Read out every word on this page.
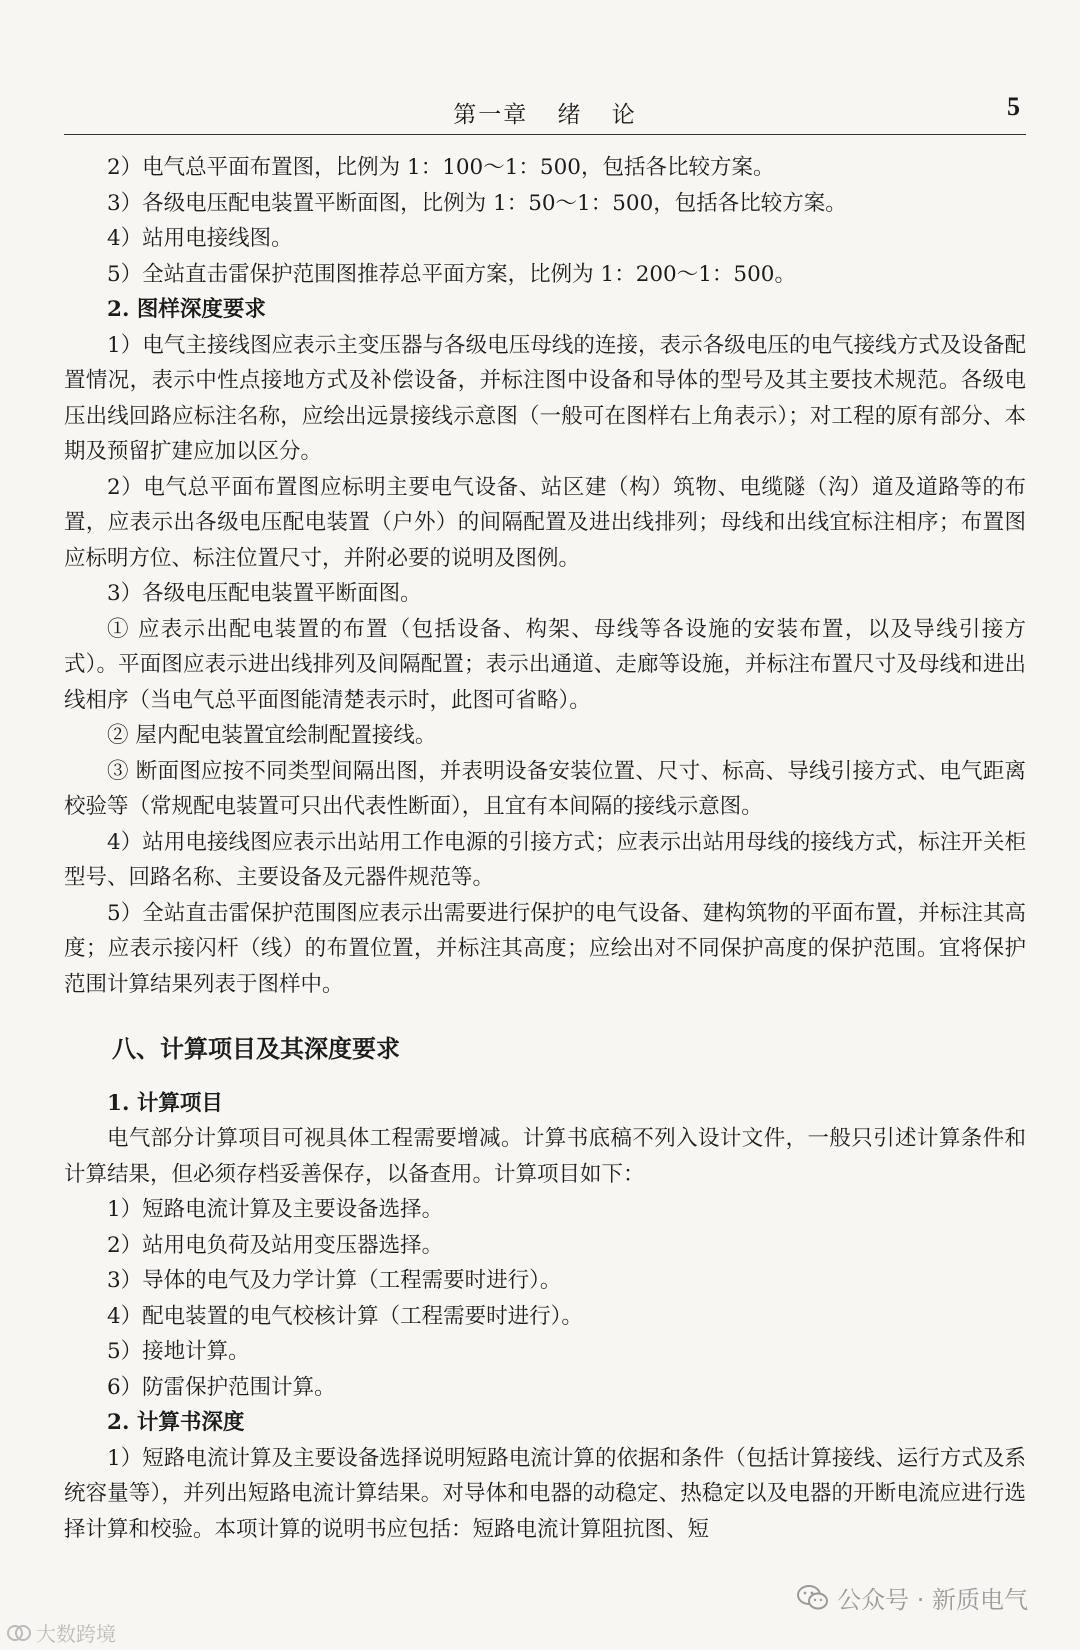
第一章 绪 论	5

2）电气总平面布置图，比例为 1：100～1：500，包括各比较方案。

3）各级电压配电装置平断面图，比例为 1：50～1：500，包括各比较方案。

4）站用电接线图。

5）全站直击雷保护范围图推荐总平面方案，比例为 1：200～1：500。

2. 图样深度要求

1）电气主接线图应表示主变压器与各级电压母线的连接，表示各级电压的电气接线方式及设备配置情况，表示中性点接地方式及补偿设备，并标注图中设备和导体的型号及其主要技术规范。各级电压出线回路应标注名称，应绘出远景接线示意图（一般可在图样右上角表示）；对工程的原有部分、本期及预留扩建应加以区分。

2）电气总平面布置图应标明主要电气设备、站区建（构）筑物、电缆隧（沟）道及道路等的布置，应表示出各级电压配电装置（户外）的间隔配置及进出线排列；母线和出线宜标注相序；布置图应标明方位、标注位置尺寸，并附必要的说明及图例。

3）各级电压配电装置平断面图。

① 应表示出配电装置的布置（包括设备、构架、母线等各设施的安装布置，以及导线引接方式）。平面图应表示进出线排列及间隔配置；表示出通道、走廊等设施，并标注布置尺寸及母线和进出线相序（当电气总平面图能清楚表示时，此图可省略）。

② 屋内配电装置宜绘制配置接线。

③ 断面图应按不同类型间隔出图，并表明设备安装位置、尺寸、标高、导线引接方式、电气距离校验等（常规配电装置可只出代表性断面），且宜有本间隔的接线示意图。

4）站用电接线图应表示出站用工作电源的引接方式；应表示出站用母线的接线方式，标注开关柜型号、回路名称、主要设备及元器件规范等。

5）全站直击雷保护范围图应表示出需要进行保护的电气设备、建构筑物的平面布置，并标注其高度；应表示接闪杆（线）的布置位置，并标注其高度；应绘出对不同保护高度的保护范围。宜将保护范围计算结果列表于图样中。

八、计算项目及其深度要求

1. 计算项目

电气部分计算项目可视具体工程需要增减。计算书底稿不列入设计文件，一般只引述计算条件和计算结果，但必须存档妥善保存，以备查用。计算项目如下：

1）短路电流计算及主要设备选择。

2）站用电负荷及站用变压器选择。

3）导体的电气及力学计算（工程需要时进行）。

4）配电装置的电气校核计算（工程需要时进行）。

5）接地计算。

6）防雷保护范围计算。

2. 计算书深度

1）短路电流计算及主要设备选择说明短路电流计算的依据和条件（包括计算接线、运行方式及系统容量等），并列出短路电流计算结果。对导体和电器的动稳定、热稳定以及电器的开断电流应进行选择计算和校验。本项计算的说明书应包括：短路电流计算阻抗图、短

公众号 · 新质电气
大数跨境
